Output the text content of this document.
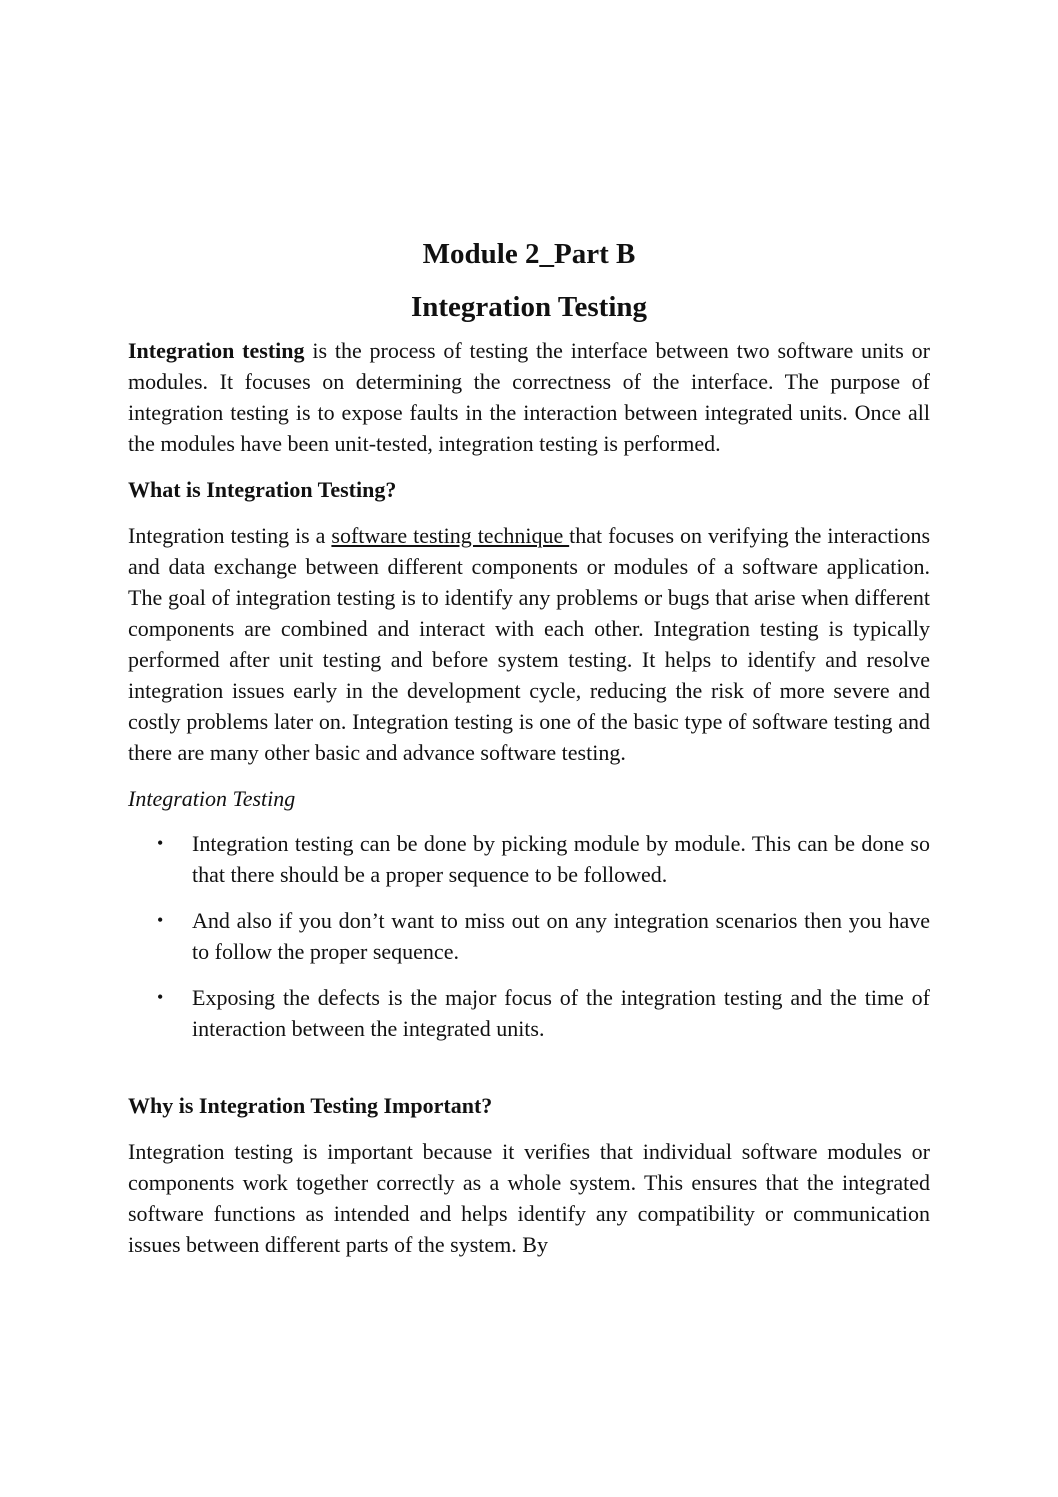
Module 2_Part B
Integration Testing

Integration testing is the process of testing the interface between two software units or modules. It focuses on determining the correctness of the interface. The purpose of integration testing is to expose faults in the interaction between integrated units. Once all the modules have been unit-tested, integration testing is performed.

What is Integration Testing?

Integration testing is a software testing technique that focuses on verifying the interactions and data exchange between different components or modules of a software application. The goal of integration testing is to identify any problems or bugs that arise when different components are combined and interact with each other. Integration testing is typically performed after unit testing and before system testing. It helps to identify and resolve integration issues early in the development cycle, reducing the risk of more severe and costly problems later on. Integration testing is one of the basic type of software testing and there are many other basic and advance software testing.

Integration Testing

• Integration testing can be done by picking module by module. This can be done so that there should be a proper sequence to be followed.
• And also if you don’t want to miss out on any integration scenarios then you have to follow the proper sequence.
• Exposing the defects is the major focus of the integration testing and the time of interaction between the integrated units.

Why is Integration Testing Important?

Integration testing is important because it verifies that individual software modules or components work together correctly as a whole system. This ensures that the integrated software functions as intended and helps identify any compatibility or communication issues between different parts of the system. By
